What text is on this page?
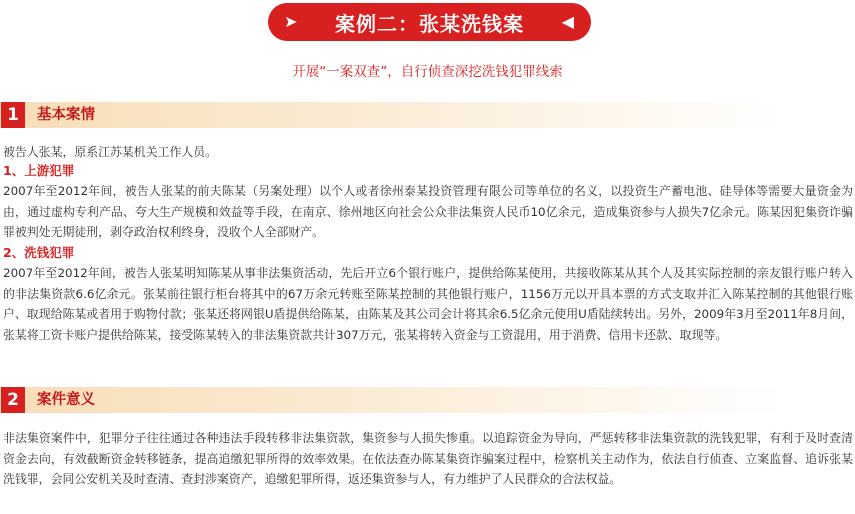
➤ 案例二：张某洗钱案 ◀
开展“一案双查”，自行侦查深挖洗钱犯罪线索
1	基本案情

被告人张某，原系江苏某机关工作人员。

1、上游犯罪

2007年至2012年间，被告人张某的前夫陈某（另案处理）以个人或者徐州泰某投资管理有限公司等单位的名义，以投资生产蓄电池、硅导体等需要大量资金为由，通过虚构专利产品、夸大生产规模和效益等手段，在南京、徐州地区向社会公众非法集资人民币10亿余元，造成集资参与人损失7亿余元。陈某因犯集资诈骗罪被判处无期徒刑，剥夺政治权利终身，没收个人全部财产。

2、洗钱犯罪

2007年至2012年间，被告人张某明知陈某从事非法集资活动，先后开立6个银行账户，提供给陈某使用，共接收陈某从其个人及其实际控制的亲友银行账户转入的非法集资款6.6亿余元。张某前往银行柜台将其中的67万余元转账至陈某控制的其他银行账户，1156万元以开具本票的方式支取并汇入陈某控制的其他银行账户、取现给陈某或者用于购物付款；张某还将网银U盾提供给陈某，由陈某及其公司会计将其余6.5亿余元使用U盾陆续转出。另外，2009年3月至2011年8月间，张某将工资卡账户提供给陈某，接受陈某转入的非法集资款共计307万元，张某将转入资金与工资混用，用于消费、信用卡还款、取现等。

2	案件意义

非法集资案件中，犯罪分子往往通过各种违法手段转移非法集资款，集资参与人损失惨重。以追踪资金为导向，严惩转移非法集资款的洗钱犯罪，有利于及时查清资金去向，有效截断资金转移链条，提高追缴犯罪所得的效率效果。在依法查办陈某集资诈骗案过程中，检察机关主动作为，依法自行侦查、立案监督、追诉张某洗钱罪，会同公安机关及时查清、查封涉案资产，追缴犯罪所得，返还集资参与人，有力维护了人民群众的合法权益。
